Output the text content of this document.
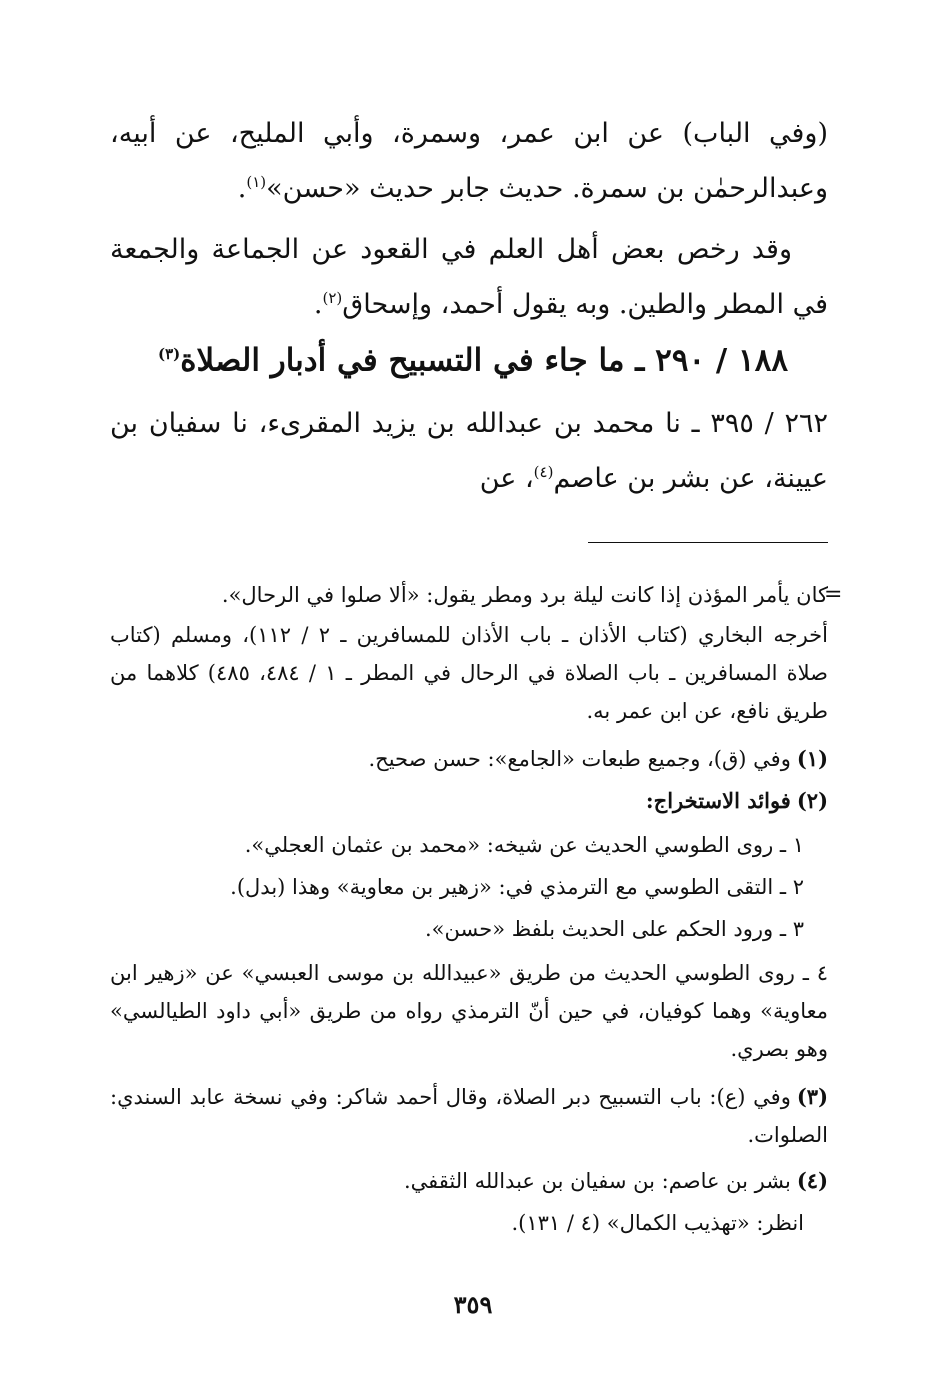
(وفي الباب) عن ابن عمر، وسمرة، وأبي المليح، عن أبيه، وعبدالرحمٰن بن سمرة. حديث جابر حديث «حسن»$^{(١)}$.
وقد رخص بعض أهل العلم في القعود عن الجماعة والجمعة في المطر والطين. وبه يقول أحمد، وإسحاق$^{(٢)}$.
١٨٨ / ٢٩٠ ـ ما جاء في التسبيح في أدبار الصلاة$^{(٣)}$
٢٦٢ / ٣٩٥ ـ نا محمد بن عبدالله بن يزيد المقرىء، نا سفيان بن عيينة، عن بشر بن عاصم$^{(٤)}$، عن
=
كان يأمر المؤذن إذا كانت ليلة برد ومطر يقول: «ألا صلوا في الرحال».
أخرجه البخاري (كتاب الأذان ـ باب الأذان للمسافرين ـ ٢ / ١١٢)، ومسلم (كتاب صلاة المسافرين ـ باب الصلاة في الرحال في المطر ـ ١ / ٤٨٤، ٤٨٥) كلاهما من طريق نافع، عن ابن عمر به.
(١)وفي (ق)، وجميع طبعات «الجامع»: حسن صحيح.
(٢)فوائد الاستخراج:
١ ـ روى الطوسي الحديث عن شيخه: «محمد بن عثمان العجلي».
٢ ـ التقى الطوسي مع الترمذي في: «زهير بن معاوية» وهذا (بدل).
٣ ـ ورود الحكم على الحديث بلفظ «حسن».
٤ ـ روى الطوسي الحديث من طريق «عبيدالله بن موسى العبسي» عن «زهير ابن معاوية» وهما كوفيان، في حين أنّ الترمذي رواه من طريق «أبي داود الطيالسي» وهو بصري.
(٣)وفي (ع): باب التسبيح دبر الصلاة، وقال أحمد شاكر: وفي نسخة عابد السندي: الصلوات.
(٤)بشر بن عاصم: بن سفيان بن عبدالله الثقفي.
انظر: «تهذيب الكمال» (٤ / ١٣١).
٣٥٩
